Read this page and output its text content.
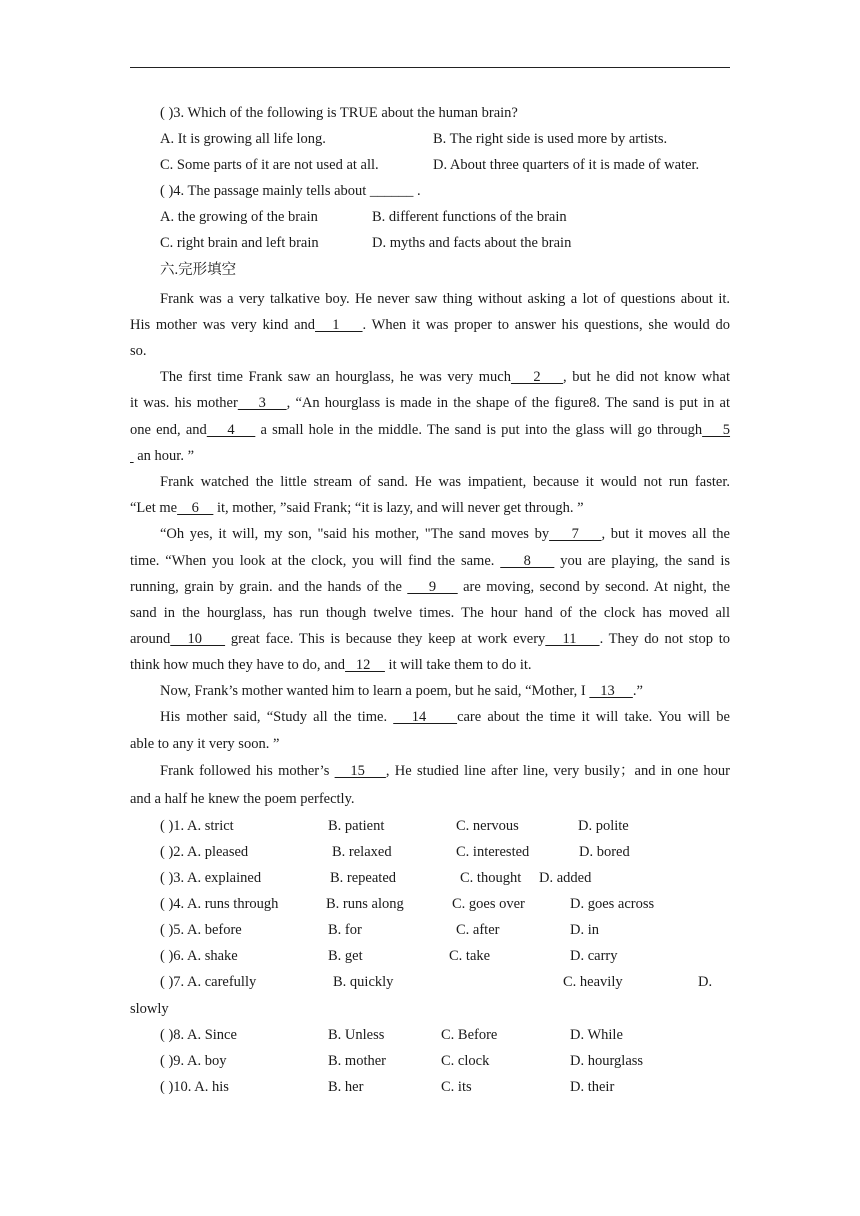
( )3. Which of the following is TRUE about the human brain?
A. It is growing all life long.	B. The right side is used more by artists.
C. Some parts of it are not used at all.	D. About three quarters of it is made of water.
( )4. The passage mainly tells about ______ .
A. the growing of the brain	B. different functions of the brain
C. right brain and left brain	D. myths and facts about the brain
六.完形填空
Frank was a very talkative boy. He never saw thing without asking a lot of questions about it.
His mother was very kind and   1    . When it was proper to answer his questions, she would do
so.
The first time Frank saw an hourglass, he was very much    2    , but he did not know what
it was. his mother    3    , “An hourglass is made in the shape of the figure8. The sand is put in at
one end, and    4     a small hole in the middle. The sand is put into the glass will go through    5
an hour. ”
Frank watched the little stream of sand. He was impatient, because it would not run faster.
“Let me    6     it, mother, ”said Frank; “it is lazy, and will never get through. ”
“Oh yes, it will, my son, "said his mother, "The sand moves by    7    , but it moves all the
time. “When you look at the clock, you will find the same.     8     you are playing, the sand is
running, grain by grain. and the hands of the     9     are moving, second by second. At night, the
sand in the hourglass, has run though twelve times. The hour hand of the clock has moved all
around   10     great face. This is because they keep at work every   11    . They do not stop to
think how much they have to do, and   12     it will take them to do it.
Now, Frank’s mother wanted him to learn a poem, but he said, “Mother, I    13     .”
His mother said, “Study all the time.    14     care about the time it will take. You will be
able to any it very soon. ”
Frank followed his mother’s    15    , He studied line after line, very busily；and in one hour
and a half he knew the poem perfectly.
( )1. A. strict	B. patient	C. nervous	D. polite
( )2. A. pleased	B. relaxed	C. interested	D. bored
( )3. A. explained	B. repeated	C. thought D. added
( )4. A. runs through	B. runs along	C. goes over	D. goes across
( )5. A. before	B. for	C. after	D. in
( )6. A. shake	B. get	C. take	D. carry
( )7. A. carefully	B. quickly	C. heavily	D.
slowly
( )8. A. Since	B. Unless	C. Before	D. While
( )9. A. boy	B. mother	C. clock	D. hourglass
( )10. A. his	B. her	C. its	D. their
